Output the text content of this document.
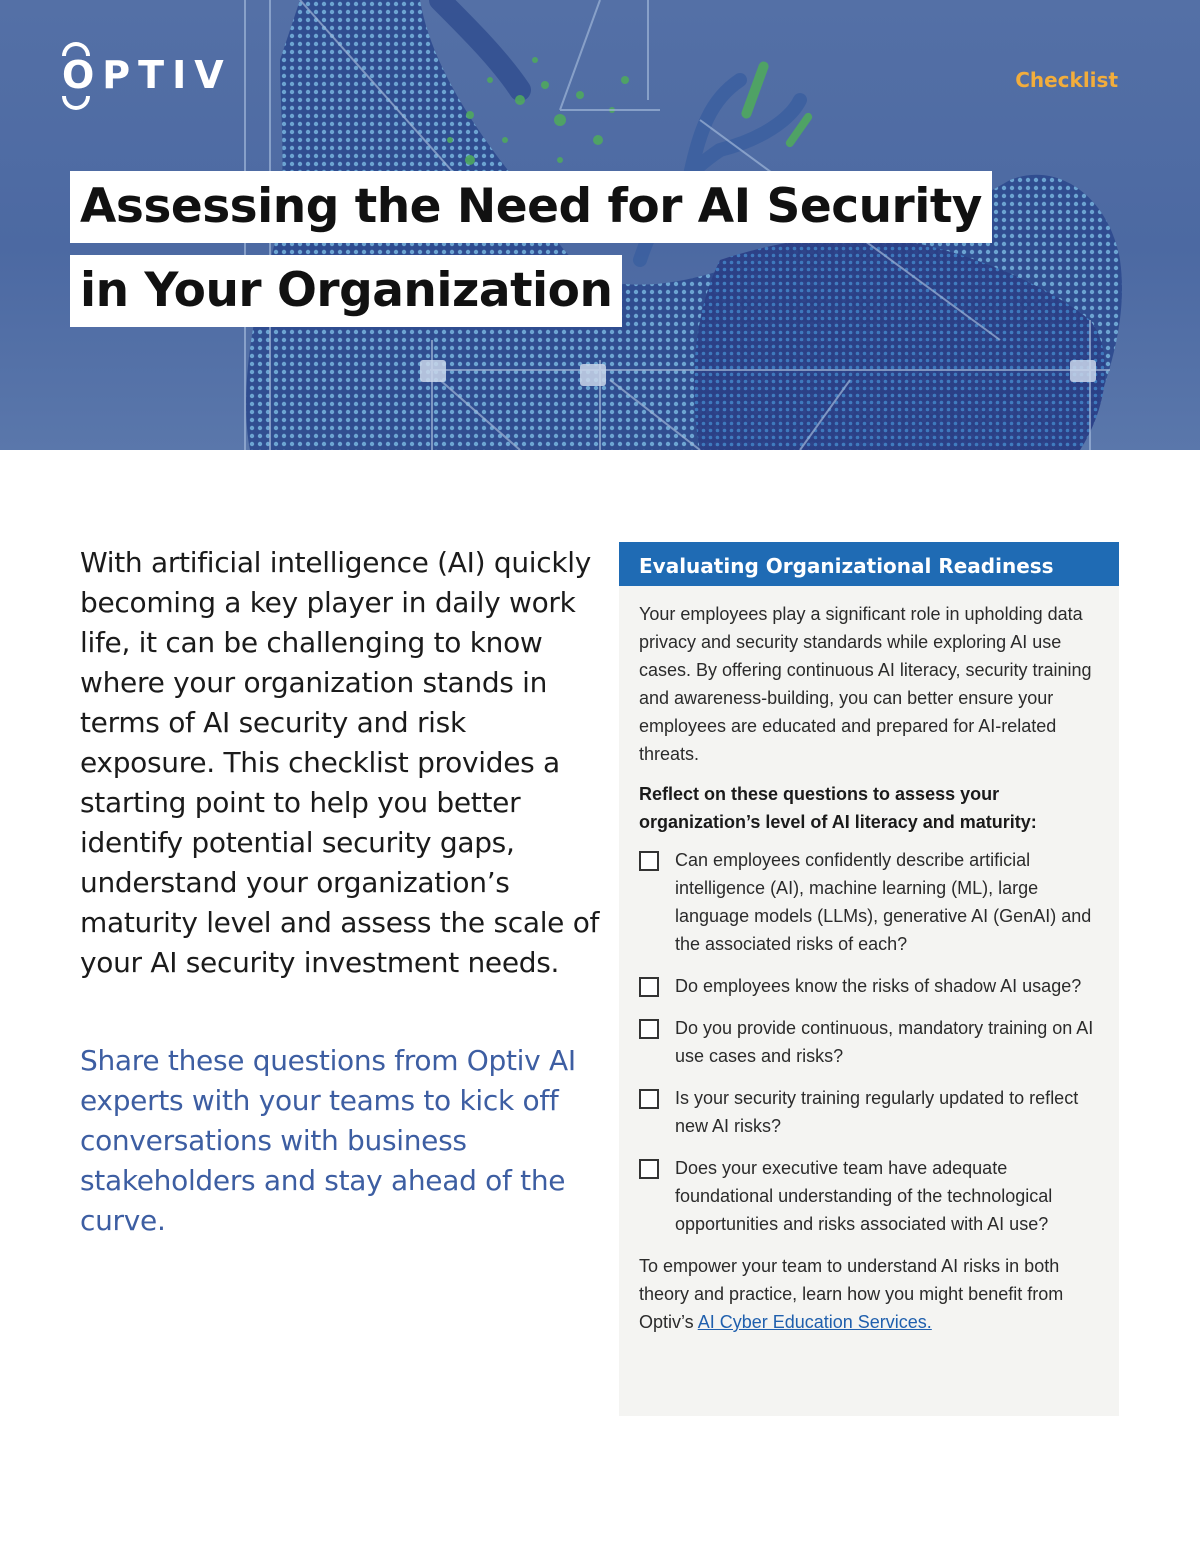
OPTIV	Checklist
Assessing the Need for AI Security
in Your Organization

With artificial intelligence (AI) quickly becoming a key player in daily work life, it can be challenging to know where your organization stands in terms of AI security and risk exposure. This checklist provides a starting point to help you better identify potential security gaps, understand your organization’s maturity level and assess the scale of your AI security investment needs.

Share these questions from Optiv AI experts with your teams to kick off conversations with business stakeholders and stay ahead of the curve.

Evaluating Organizational Readiness

Your employees play a significant role in upholding data privacy and security standards while exploring AI use cases. By offering continuous AI literacy, security training and awareness-building, you can better ensure your employees are educated and prepared for AI-related threats.

Reflect on these questions to assess your organization’s level of AI literacy and maturity:

Can employees confidently describe artificial intelligence (AI), machine learning (ML), large language models (LLMs), generative AI (GenAI) and the associated risks of each?
Do employees know the risks of shadow AI usage?
Do you provide continuous, mandatory training on AI use cases and risks?
Is your security training regularly updated to reflect new AI risks?
Does your executive team have adequate foundational understanding of the technological opportunities and risks associated with AI use?

To empower your team to understand AI risks in both theory and practice, learn how you might benefit from Optiv’s AI Cyber Education Services.
